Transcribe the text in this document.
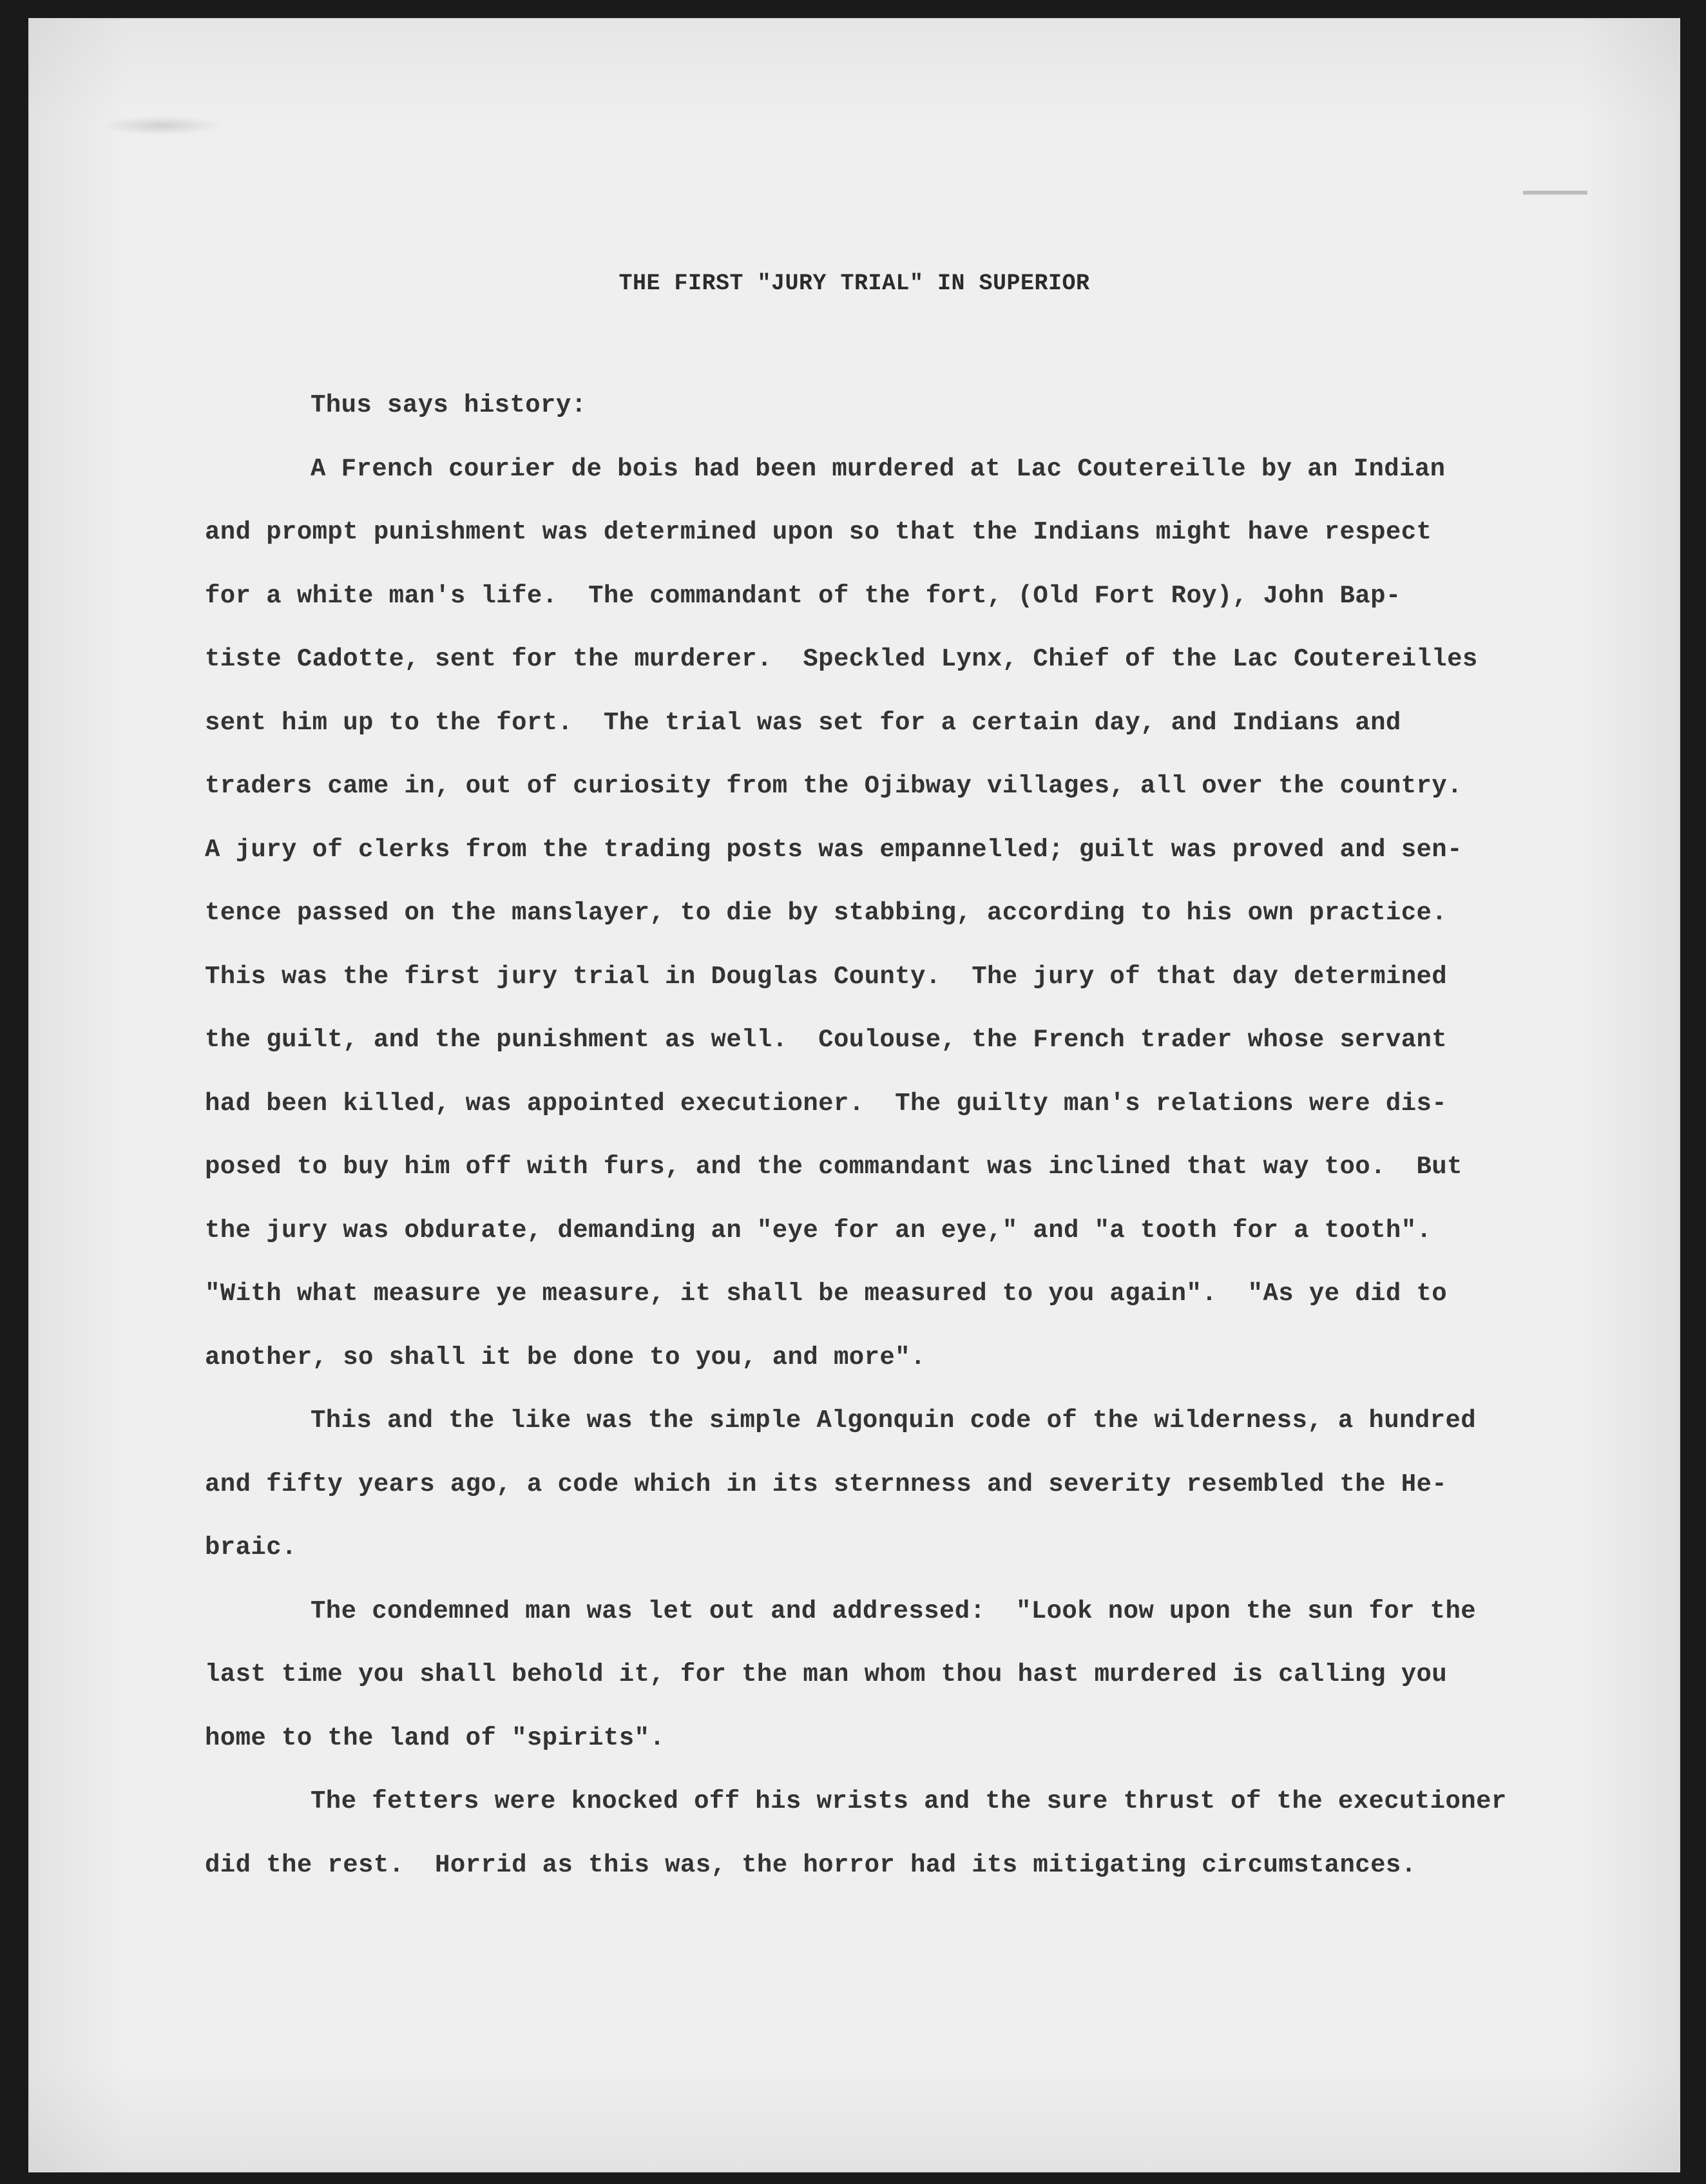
THE FIRST "JURY TRIAL" IN SUPERIOR
Thus says history:
A French courier de bois had been murdered at Lac Coutereille by an Indian
and prompt punishment was determined upon so that the Indians might have respect
for a white man's life.  The commandant of the fort, (Old Fort Roy), John Bap-
tiste Cadotte, sent for the murderer.  Speckled Lynx, Chief of the Lac Coutereilles
sent him up to the fort.  The trial was set for a certain day, and Indians and
traders came in, out of curiosity from the Ojibway villages, all over the country.
A jury of clerks from the trading posts was empannelled; guilt was proved and sen-
tence passed on the manslayer, to die by stabbing, according to his own practice.
This was the first jury trial in Douglas County.  The jury of that day determined
the guilt, and the punishment as well.  Coulouse, the French trader whose servant
had been killed, was appointed executioner.  The guilty man's relations were dis-
posed to buy him off with furs, and the commandant was inclined that way too.  But
the jury was obdurate, demanding an "eye for an eye," and "a tooth for a tooth".
"With what measure ye measure, it shall be measured to you again".  "As ye did to
another, so shall it be done to you, and more".
This and the like was the simple Algonquin code of the wilderness, a hundred
and fifty years ago, a code which in its sternness and severity resembled the He-
braic.
The condemned man was let out and addressed:  "Look now upon the sun for the
last time you shall behold it, for the man whom thou hast murdered is calling you
home to the land of "spirits".
The fetters were knocked off his wrists and the sure thrust of the executioner
did the rest.  Horrid as this was, the horror had its mitigating circumstances.
